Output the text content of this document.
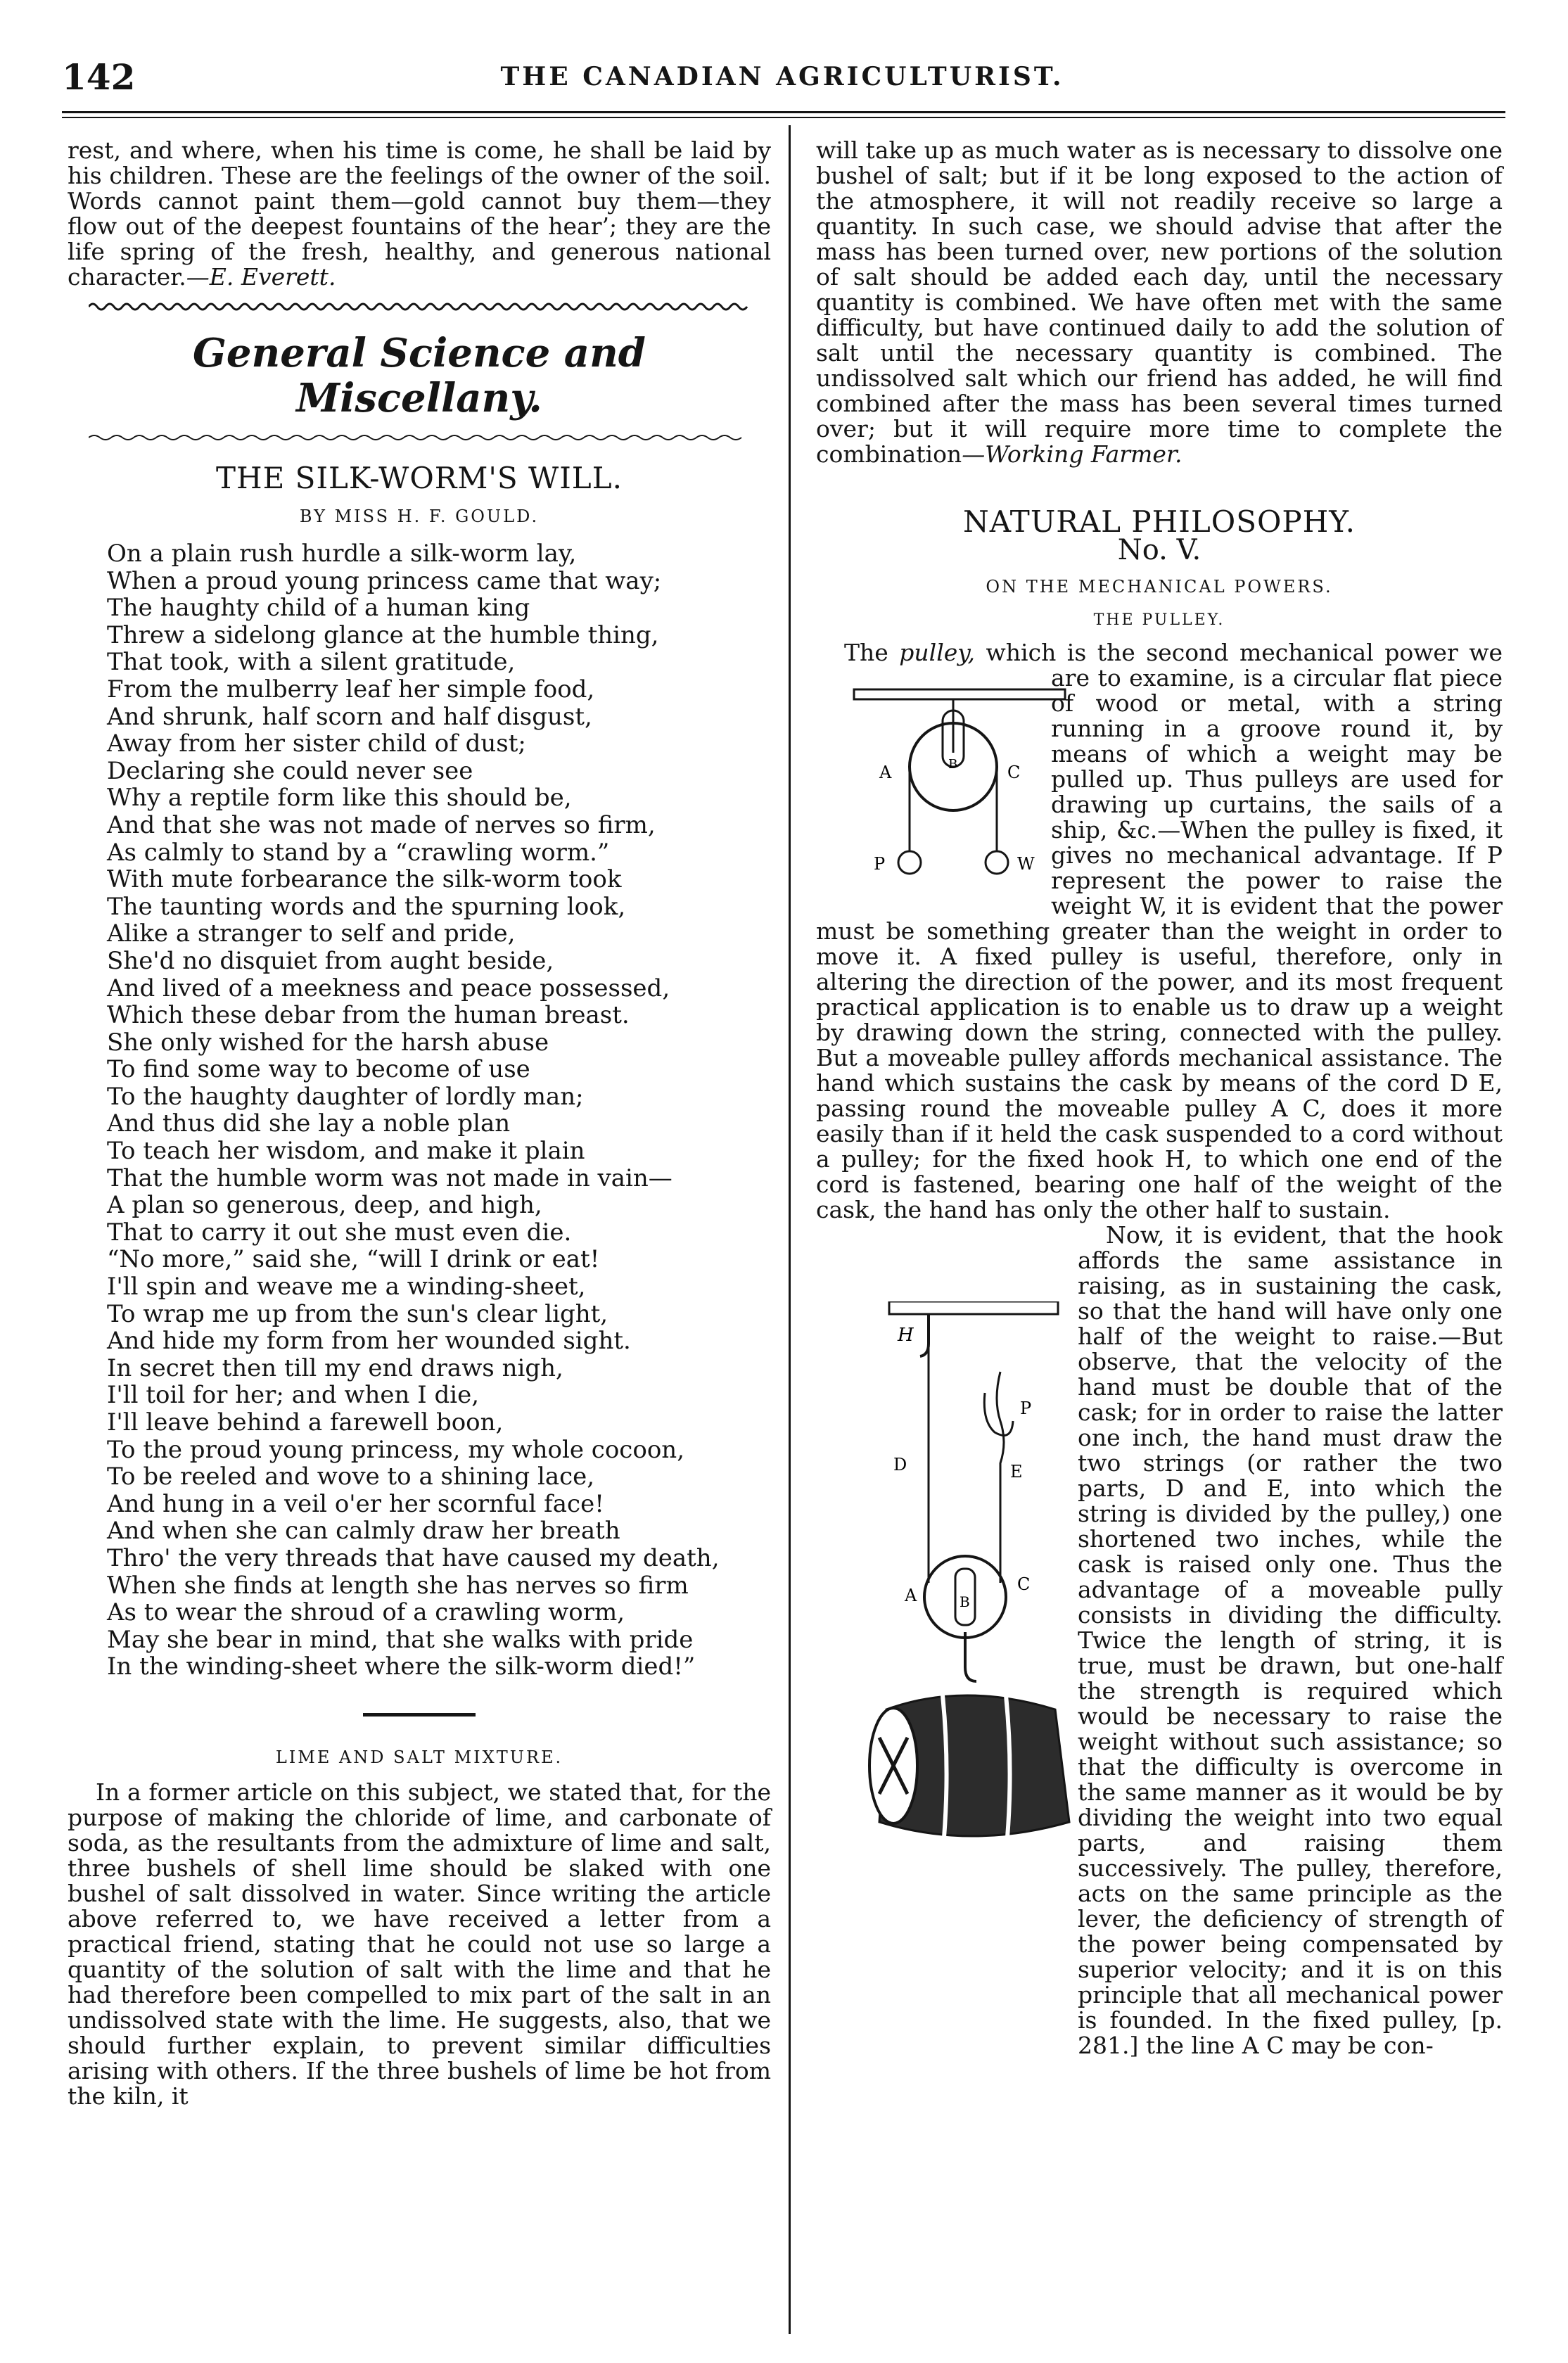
142	THE CANADIAN AGRICULTURIST.

rest, and where, when his time is come, he shall be laid by his children. These are the feelings of the owner of the soil. Words cannot paint them—gold cannot buy them—they flow out of the deepest fountains of the hear’; they are the life spring of the fresh, healthy, and generous national character.—E. Everett.

General Science and Miscellany.
THE SILK-WORM'S WILL.
BY MISS H. F. GOULD.
On a plain rush hurdle a silk-worm lay,
When a proud young princess came that way;
The haughty child of a human king
Threw a sidelong glance at the humble thing,
That took, with a silent gratitude,
From the mulberry leaf her simple food,
And shrunk, half scorn and half disgust,
Away from her sister child of dust;
Declaring she could never see
Why a reptile form like this should be,
And that she was not made of nerves so firm,
As calmly to stand by a “crawling worm.”
With mute forbearance the silk-worm took
The taunting words and the spurning look,
Alike a stranger to self and pride,
She'd no disquiet from aught beside,
And lived of a meekness and peace possessed,
Which these debar from the human breast.
She only wished for the harsh abuse
To find some way to become of use
To the haughty daughter of lordly man;
And thus did she lay a noble plan
To teach her wisdom, and make it plain
That the humble worm was not made in vain—
A plan so generous, deep, and high,
That to carry it out she must even die.
“No more,” said she, “will I drink or eat!
I'll spin and weave me a winding-sheet,
To wrap me up from the sun's clear light,
And hide my form from her wounded sight.
In secret then till my end draws nigh,
I'll toil for her; and when I die,
I'll leave behind a farewell boon,
To the proud young princess, my whole cocoon,
To be reeled and wove to a shining lace,
And hung in a veil o'er her scornful face!
And when she can calmly draw her breath
Thro' the very threads that have caused my death,
When she finds at length she has nerves so firm
As to wear the shroud of a crawling worm,
May she bear in mind, that she walks with pride
In the winding-sheet where the silk-worm died!”
LIME AND SALT MIXTURE.

In a former article on this subject, we stated that, for the purpose of making the chloride of lime, and carbonate of soda, as the resultants from the admixture of lime and salt, three bushels of shell lime should be slaked with one bushel of salt dissolved in water. Since writing the article above referred to, we have received a letter from a practical friend, stating that he could not use so large a quantity of the solution of salt with the lime and that he had therefore been compelled to mix part of the salt in an undissolved state with the lime. He suggests, also, that we should further explain, to prevent similar difficulties arising with others. If the three bushels of lime be hot from the kiln, it

will take up as much water as is necessary to dissolve one bushel of salt; but if it be long exposed to the action of the atmosphere, it will not readily receive so large a quantity. In such case, we should advise that after the mass has been turned over, new portions of the solution of salt should be added each day, until the necessary quantity is combined. We have often met with the same difficulty, but have continued daily to add the solution of salt until the necessary quantity is combined. The undissolved salt which our friend has added, he will find combined after the mass has been several times turned over; but it will require more time to complete the combination—Working Farmer.

NATURAL PHILOSOPHY.
No. V.
ON THE MECHANICAL POWERS.
THE PULLEY.

The
A	B	C
P	W
pulley, which is the second mechanical power we are to examine, is a circular flat piece of wood or metal, with a string running in a groove round it, by means of which a weight may be pulled up. Thus pulleys are used for drawing up curtains, the sails of a ship, &c.—When the pulley is fixed, it gives no mechanical advantage. If P represent the power to raise the weight W, it is evident that the power must be something greater than the weight in order to move it. A fixed pulley is useful, therefore, only in altering the direction of the power, and its most frequent practical application is to enable us to draw up a weight by drawing down the string, connected with the pulley. But a moveable pulley affords mechanical assistance. The hand which sustains the cask by means of the cord D E, passing round the moveable pulley A C, does it more easily than if it held the cask suspended to a cord without a pulley; for the fixed hook H, to which one end of the cord is fastened, bearing one half of the weight of the cask, the hand has only the other half to sustain.

H
D
P
E
A	B
C
Now, it is evident, that the hook affords the same assistance in raising, as in sustaining the cask, so that the hand will have only one half of the weight to raise.—But observe, that the velocity of the hand must be double that of the cask; for in order to raise the latter one inch, the hand must draw the two strings (or rather the two parts, D and E, into which the string is divided by the pulley,) one shortened two inches, while the cask is raised only one. Thus the advantage of a moveable pully consists in dividing the difficulty. Twice the length of string, it is true, must be drawn, but one-half the strength is required which would be necessary to raise the weight without such assistance; so that the difficulty is overcome in the same manner as it would be by dividing the weight into two equal parts, and raising them successively. The pulley, therefore, acts on the same principle as the lever, the deficiency of strength of the power being compensated by superior velocity; and it is on this principle that all mechanical power is founded. In the fixed pulley, [p. 281.] the line A C may be con-
